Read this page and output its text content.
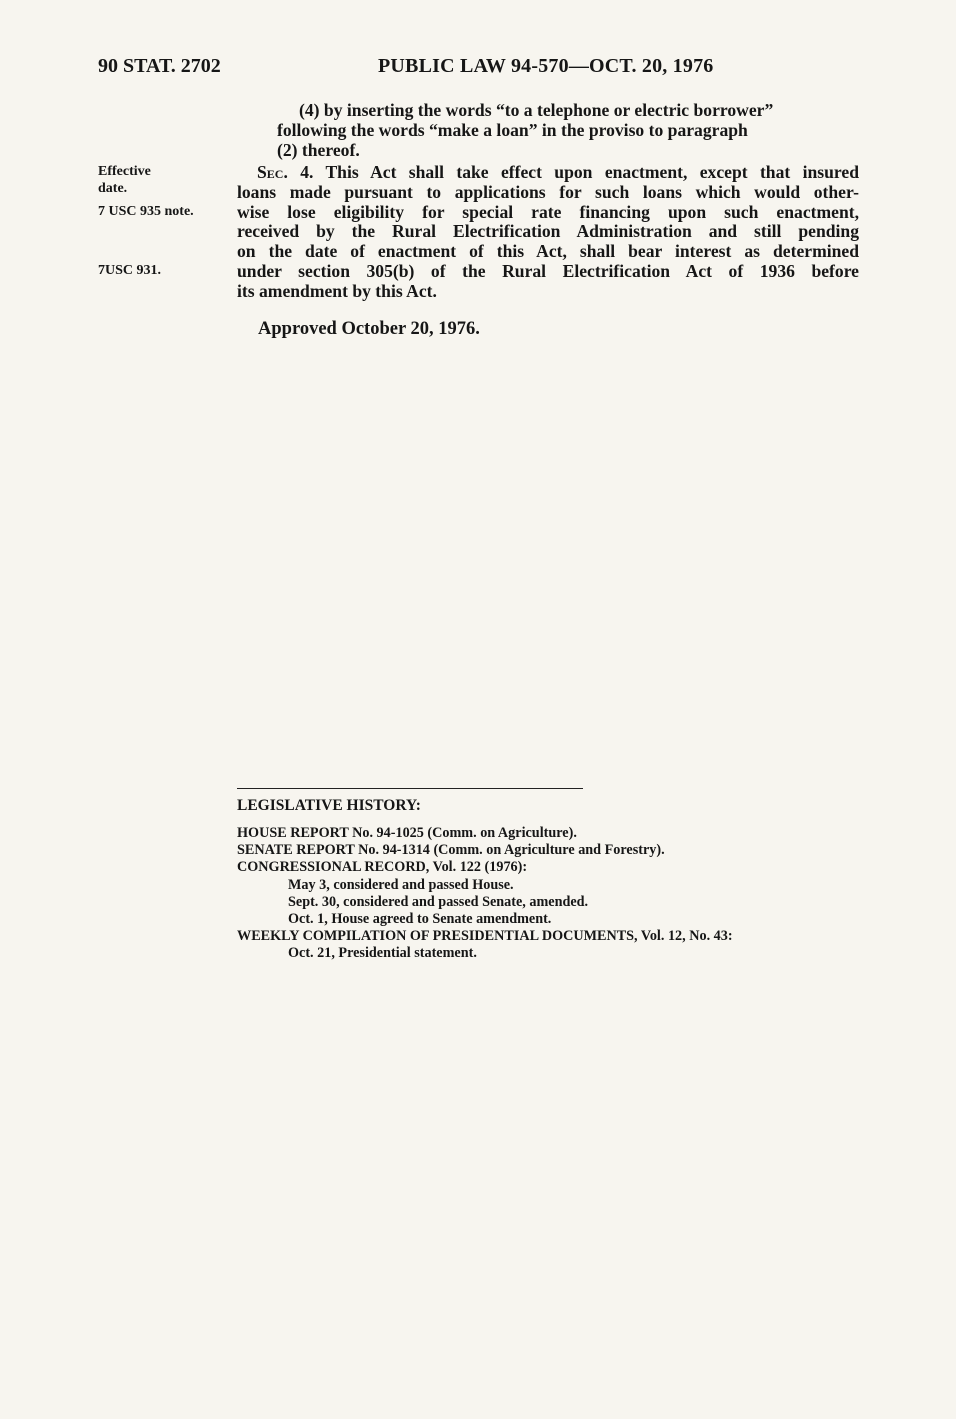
90 STAT. 2702	PUBLIC LAW 94-570—OCT. 20, 1976
Effective
date.
7 USC 935 note.
7USC 931.
(4) by inserting the words “to a telephone or electric borrower”
following the words “make a loan” in the proviso to paragraph
(2) thereof.
Sec. 4. This Act shall take effect upon enactment, except that insured
loans made pursuant to applications for such loans which would other-
wise lose eligibility for special rate financing upon such enactment,
received by the Rural Electrification Administration and still pending
on the date of enactment of this Act, shall bear interest as determined
under section 305(b) of the Rural Electrification Act of 1936 before
its amendment by this Act.
Approved October 20, 1976.
LEGISLATIVE HISTORY:
HOUSE REPORT No. 94-1025 (Comm. on Agriculture).
SENATE REPORT No. 94-1314 (Comm. on Agriculture and Forestry).
CONGRESSIONAL RECORD, Vol. 122 (1976):
May 3, considered and passed House.
Sept. 30, considered and passed Senate, amended.
Oct. 1, House agreed to Senate amendment.
WEEKLY COMPILATION OF PRESIDENTIAL DOCUMENTS, Vol. 12, No. 43:
Oct. 21, Presidential statement.
